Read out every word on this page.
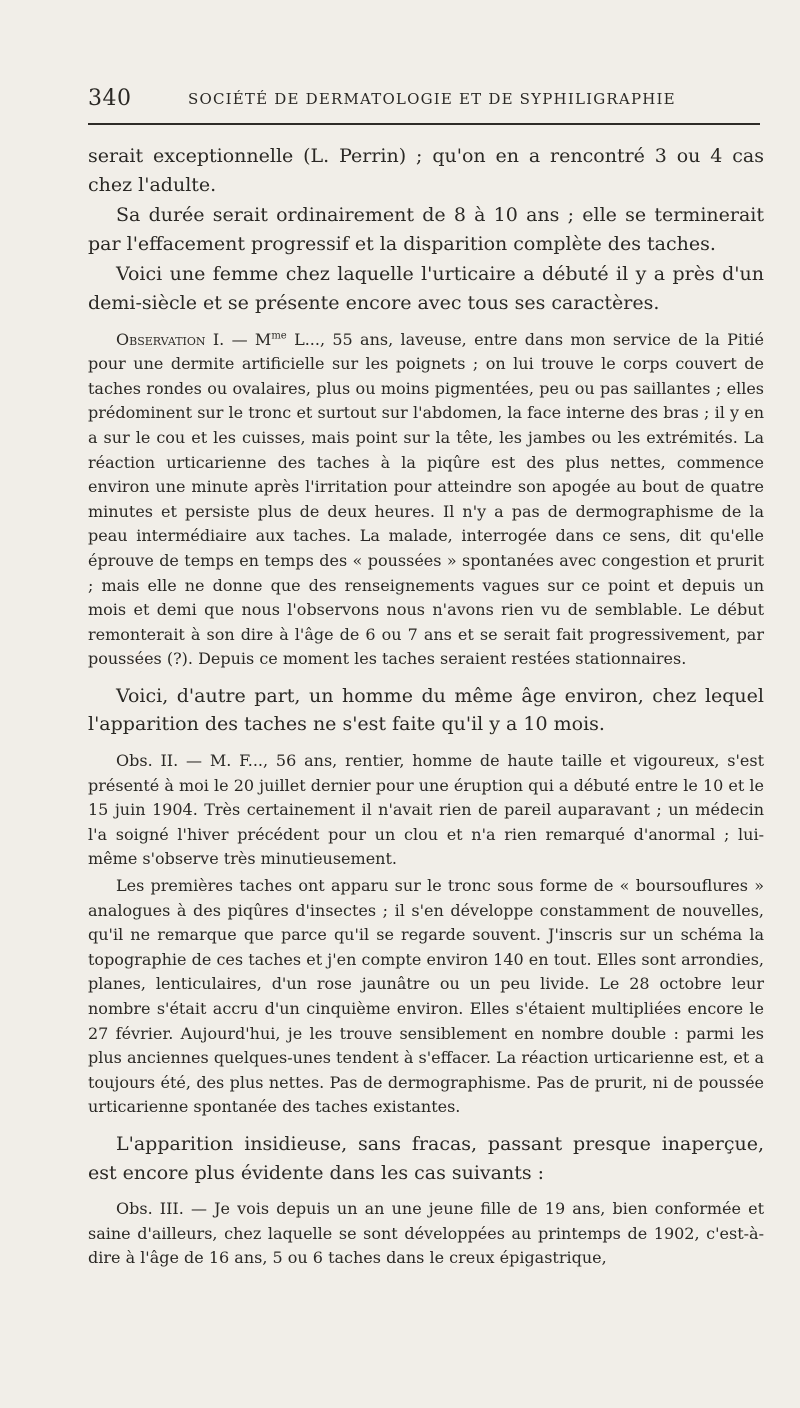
340	SOCIÉTÉ DE DERMATOLOGIE ET DE SYPHILIGRAPHIE

serait exceptionnelle (L. Perrin) ; qu'on en a rencontré 3 ou 4 cas chez l'adulte.

Sa durée serait ordinairement de 8 à 10 ans ; elle se terminerait par l'effacement progressif et la disparition complète des taches.

Voici une femme chez laquelle l'urticaire a débuté il y a près d'un demi-siècle et se présente encore avec tous ses caractères.

Observation I. — $M^{me}$ L..., 55 ans, laveuse, entre dans mon service de la Pitié pour une dermite artificielle sur les poignets ; on lui trouve le corps couvert de taches rondes ou ovalaires, plus ou moins pigmentées, peu ou pas saillantes ; elles prédominent sur le tronc et surtout sur l'abdomen, la face interne des bras ; il y en a sur le cou et les cuisses, mais point sur la tête, les jambes ou les extrémités. La réaction urticarienne des taches à la piqûre est des plus nettes, commence environ une minute après l'irritation pour atteindre son apogée au bout de quatre minutes et persiste plus de deux heures. Il n'y a pas de dermographisme de la peau intermédiaire aux taches. La malade, interrogée dans ce sens, dit qu'elle éprouve de temps en temps des « poussées » spontanées avec congestion et prurit ; mais elle ne donne que des renseignements vagues sur ce point et depuis un mois et demi que nous l'observons nous n'avons rien vu de semblable. Le début remonterait à son dire à l'âge de 6 ou 7 ans et se serait fait progressivement, par poussées (?). Depuis ce moment les taches seraient restées stationnaires.

Voici, d'autre part, un homme du même âge environ, chez lequel l'apparition des taches ne s'est faite qu'il y a 10 mois.

Obs. II. — M. F..., 56 ans, rentier, homme de haute taille et vigoureux, s'est présenté à moi le 20 juillet dernier pour une éruption qui a débuté entre le 10 et le 15 juin 1904. Très certainement il n'avait rien de pareil auparavant ; un médecin l'a soigné l'hiver précédent pour un clou et n'a rien remarqué d'anormal ; lui-même s'observe très minutieusement.

Les premières taches ont apparu sur le tronc sous forme de « boursouflures » analogues à des piqûres d'insectes ; il s'en développe constamment de nouvelles, qu'il ne remarque que parce qu'il se regarde souvent. J'inscris sur un schéma la topographie de ces taches et j'en compte environ 140 en tout. Elles sont arrondies, planes, lenticulaires, d'un rose jaunâtre ou un peu livide. Le 28 octobre leur nombre s'était accru d'un cinquième environ. Elles s'étaient multipliées encore le 27 février. Aujourd'hui, je les trouve sensiblement en nombre double : parmi les plus anciennes quelques-unes tendent à s'effacer. La réaction urticarienne est, et a toujours été, des plus nettes. Pas de dermographisme. Pas de prurit, ni de poussée urticarienne spontanée des taches existantes.

L'apparition insidieuse, sans fracas, passant presque inaperçue, est encore plus évidente dans les cas suivants :

Obs. III. — Je vois depuis un an une jeune fille de 19 ans, bien conformée et saine d'ailleurs, chez laquelle se sont développées au printemps de 1902, c'est-à-dire à l'âge de 16 ans, 5 ou 6 taches dans le creux épigastrique,
